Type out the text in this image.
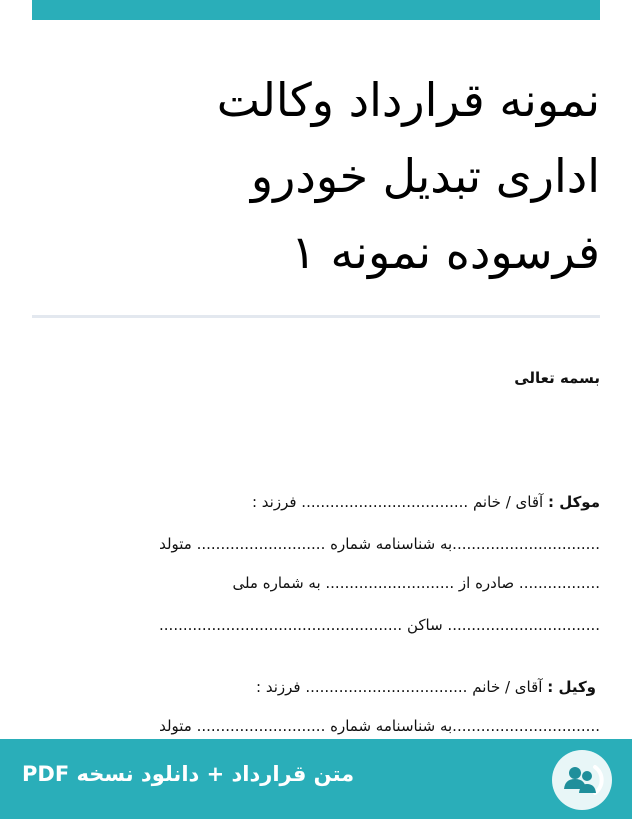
نمونه قرارداد وکالت
اداری تبدیل خودرو
فرسوده نمونه ۱
بسمه تعالی
موکل : آقای / خانم ................................... فرزند :
...............................به شناسنامه شماره ........................... متولد
................. صادره از ........................... به شماره ملی
................................ ساکن ...................................................
وکیل : آقای / خانم .................................. فرزند :
...............................به شناسنامه شماره ........................... متولد
متن قرارداد + دانلود نسخه PDF
